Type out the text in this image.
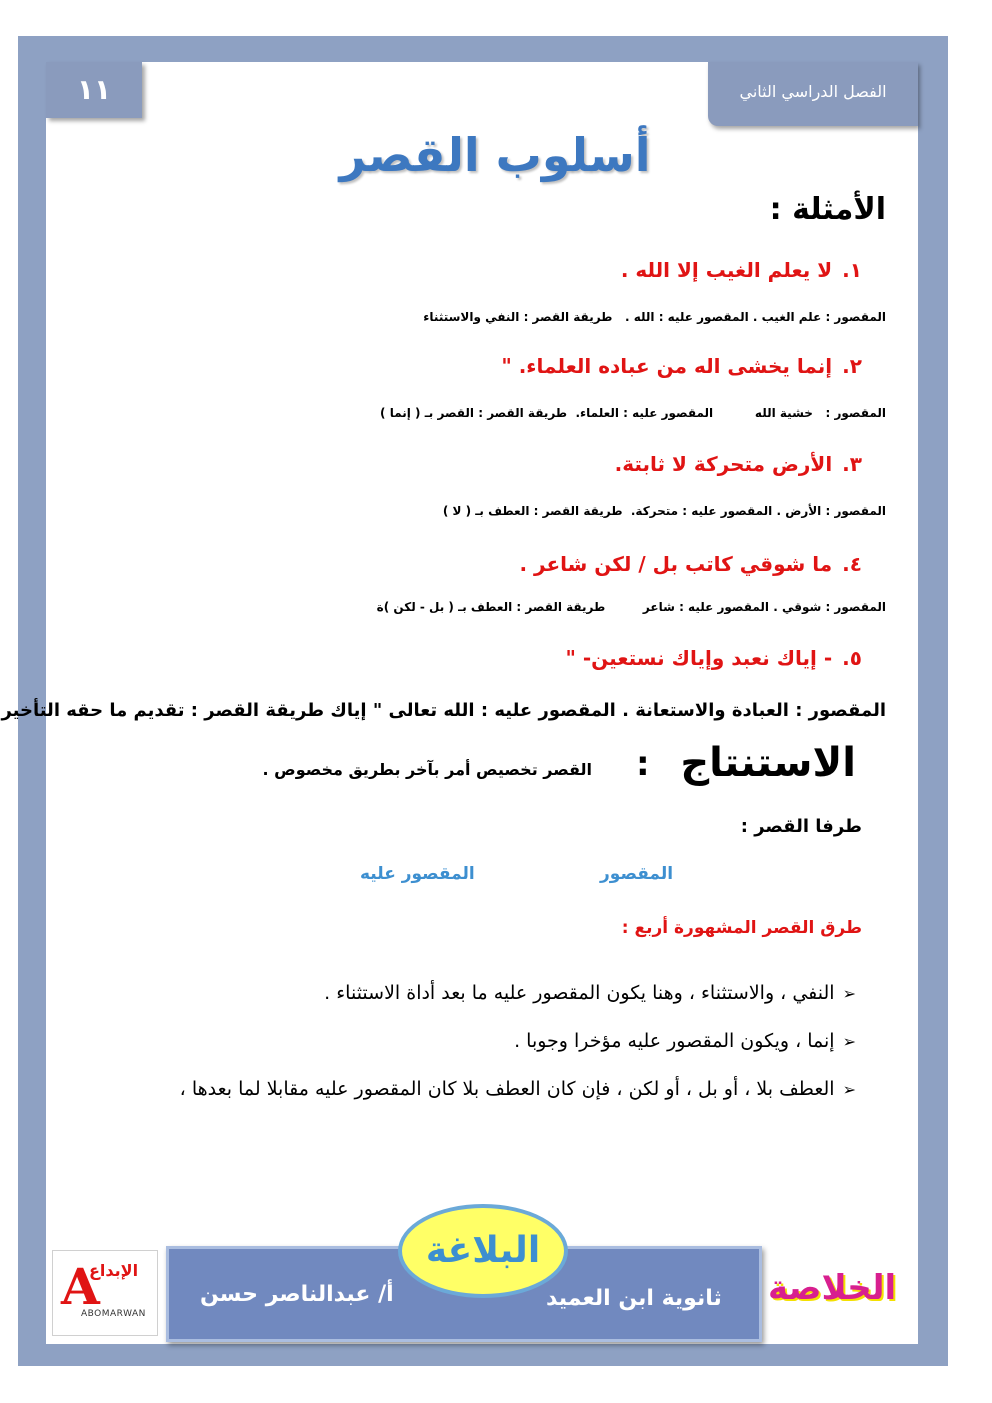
١١	الفصل الدراسي الثاني
أسلوب القصر
الأمثلة :
١.لا يعلم الغيب إلا الله .
المقصور : علم الغيب . المقصور عليه : الله .   طريقة القصر : النفي والاستثناء
٢.إنما يخشى اله من عباده العلماء. "
المقصور :   خشية الله          المقصور عليه : العلماء.  طريقة القصر : القصر بـ ( إنما )
٣.الأرض متحركة لا ثابتة.
المقصور : الأرض . المقصور عليه : متحركة.  طريقة القصر : العطف بـ ( لا )
٤.ما شوقي كاتب بل / لكن شاعر .
المقصور : شوقي . المقصور عليه : شاعر         طريقة القصر : العطف بـ ( بل - لكن )ة
٥.- إياك نعبد وإياك نستعين- "
المقصور : العبادة والاستعانة . المقصور عليه : الله تعالى " إياك طريقة القصر : تقديم ما حقه التأخير
الاستنتاج
:
القصر تخصيص أمر بآخر بطريق مخصوص .
طرفا القصر :
المقصور
المقصور عليه
طرق القصر المشهورة أربع :
➢
النفي ، والاستثناء ، وهنا يكون المقصور عليه ما بعد أداة الاستثناء .
➢
إنما ، ويكون المقصور عليه مؤخرا وجوبا .
➢
العطف بلا ، أو بل ، أو لكن ، فإن كان العطف بلا كان المقصور عليه مقابلا لما بعدها ،
ثانوية ابن العميد
أ/ عبدالناصر حسن
البلاغة
الخلاصة
A
الإبداع
ABOMARWAN
